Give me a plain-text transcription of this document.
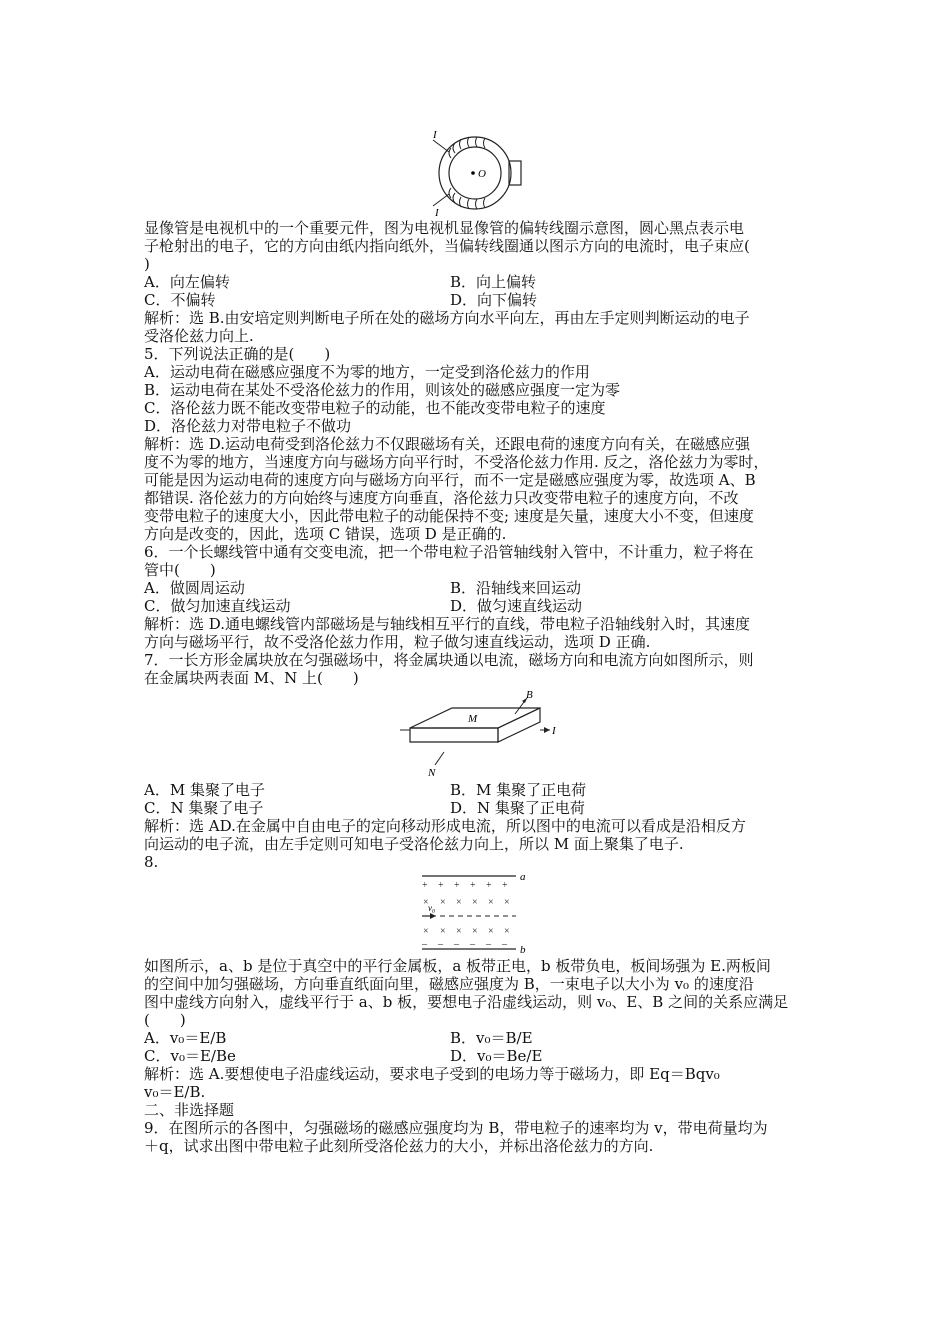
I
I
O
B
M
I
N
+ + + + + +
× × × × × ×
× × × × × ×
– – – – – –
a
b
v₀
显像管是电视机中的一个重要元件，图为电视机显像管的偏转线圈示意图，圆心黑点表示电
子枪射出的电子，它的方向由纸内指向纸外，当偏转线圈通以图示方向的电流时，电子束应(
)
A．向左偏转	B．向上偏转
C．不偏转	D．向下偏转
解析：选 B.由安培定则判断电子所在处的磁场方向水平向左，再由左手定则判断运动的电子
受洛伦兹力向上.
5．下列说法正确的是(　　)
A．运动电荷在磁感应强度不为零的地方，一定受到洛伦兹力的作用
B．运动电荷在某处不受洛伦兹力的作用，则该处的磁感应强度一定为零
C．洛伦兹力既不能改变带电粒子的动能，也不能改变带电粒子的速度
D．洛伦兹力对带电粒子不做功
解析：选 D.运动电荷受到洛伦兹力不仅跟磁场有关，还跟电荷的速度方向有关，在磁感应强
度不为零的地方，当速度方向与磁场方向平行时，不受洛伦兹力作用. 反之，洛伦兹力为零时，
可能是因为运动电荷的速度方向与磁场方向平行，而不一定是磁感应强度为零，故选项 A、B
都错误. 洛伦兹力的方向始终与速度方向垂直，洛伦兹力只改变带电粒子的速度方向，不改
变带电粒子的速度大小，因此带电粒子的动能保持不变; 速度是矢量，速度大小不变，但速度
方向是改变的，因此，选项 C 错误，选项 D 是正确的.
6．一个长螺线管中通有交变电流，把一个带电粒子沿管轴线射入管中，不计重力，粒子将在
管中(　　)
A．做圆周运动	B．沿轴线来回运动
C．做匀加速直线运动	D．做匀速直线运动
解析：选 D.通电螺线管内部磁场是与轴线相互平行的直线，带电粒子沿轴线射入时，其速度
方向与磁场平行，故不受洛伦兹力作用，粒子做匀速直线运动，选项 D 正确.
7．一长方形金属块放在匀强磁场中，将金属块通以电流，磁场方向和电流方向如图所示，则
在金属块两表面 M、N 上(　　)
A．M 集聚了电子	B．M 集聚了正电荷
C．N 集聚了电子	D．N 集聚了正电荷
解析：选 AD.在金属中自由电子的定向移动形成电流，所以图中的电流可以看成是沿相反方
向运动的电子流，由左手定则可知电子受洛伦兹力向上，所以 M 面上聚集了电子.
8.
如图所示，a、b 是位于真空中的平行金属板，a 板带正电，b 板带负电，板间场强为 E.两板间
的空间中加匀强磁场，方向垂直纸面向里，磁感应强度为 B，一束电子以大小为 v₀ 的速度沿
图中虚线方向射入，虚线平行于 a、b 板，要想电子沿虚线运动，则 v₀、E、B 之间的关系应满足
(　　)
A．v₀＝E/B	B．v₀＝B/E
C．v₀＝E/Be	D．v₀＝Be/E
解析：选 A.要想使电子沿虚线运动，要求电子受到的电场力等于磁场力，即 Eq＝Bqv₀
v₀＝E/B.
二、非选择题
9．在图所示的各图中，匀强磁场的磁感应强度均为 B，带电粒子的速率均为 v，带电荷量均为
＋q，试求出图中带电粒子此刻所受洛伦兹力的大小，并标出洛伦兹力的方向.
